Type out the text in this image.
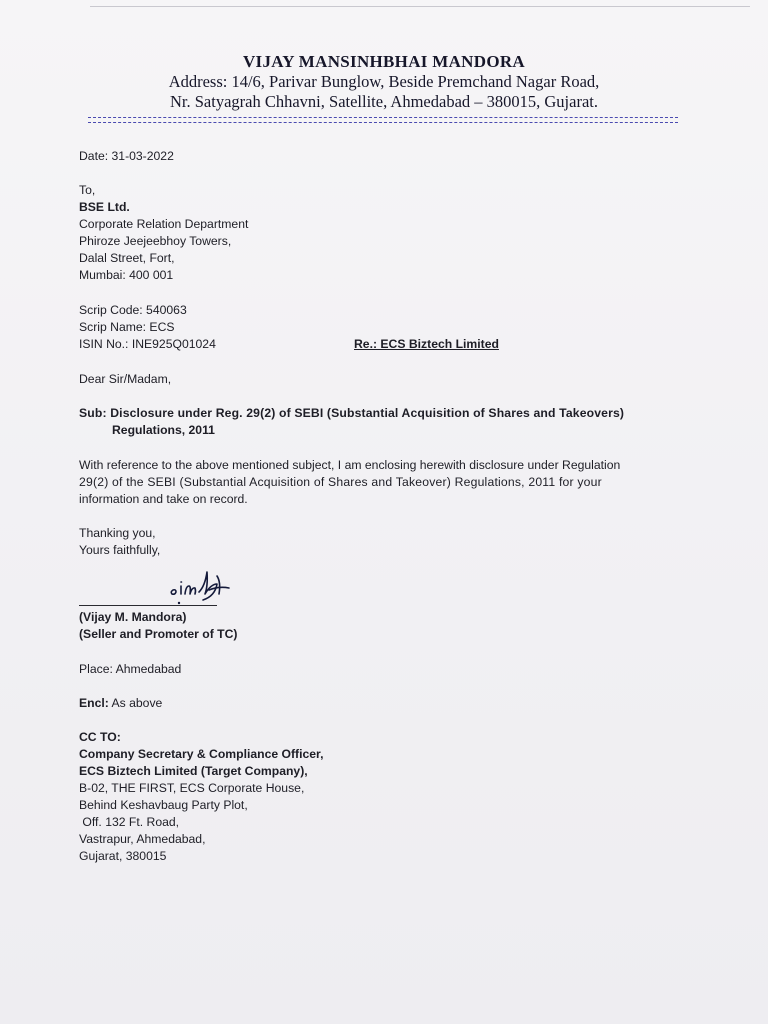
VIJAY MANSINHBHAI MANDORA
Address: 14/6, Parivar Bunglow, Beside Premchand Nagar Road,
Nr. Satyagrah Chhavni, Satellite, Ahmedabad – 380015, Gujarat.
Date: 31-03-2022
To,
BSE Ltd.
Corporate Relation Department
Phiroze Jeejeebhoy Towers,
Dalal Street, Fort,
Mumbai: 400 001
Scrip Code: 540063
Scrip Name: ECS
ISIN No.: INE925Q01024	Re.: ECS Biztech Limited
Dear Sir/Madam,
Sub: Disclosure under Reg. 29(2) of SEBI (Substantial Acquisition of Shares and Takeovers)
Regulations, 2011
With reference to the above mentioned subject, I am enclosing herewith disclosure under Regulation
29(2) of the SEBI (Substantial Acquisition of Shares and Takeover) Regulations, 2011 for your
information and take on record.
Thanking you,
Yours faithfully,
(Vijay M. Mandora)
(Seller and Promoter of TC)
Place: Ahmedabad
Encl: As above
CC TO:
Company Secretary & Compliance Officer,
ECS Biztech Limited (Target Company),
B-02, THE FIRST, ECS Corporate House,
Behind Keshavbaug Party Plot,
Off. 132 Ft. Road,
Vastrapur, Ahmedabad,
Gujarat, 380015
